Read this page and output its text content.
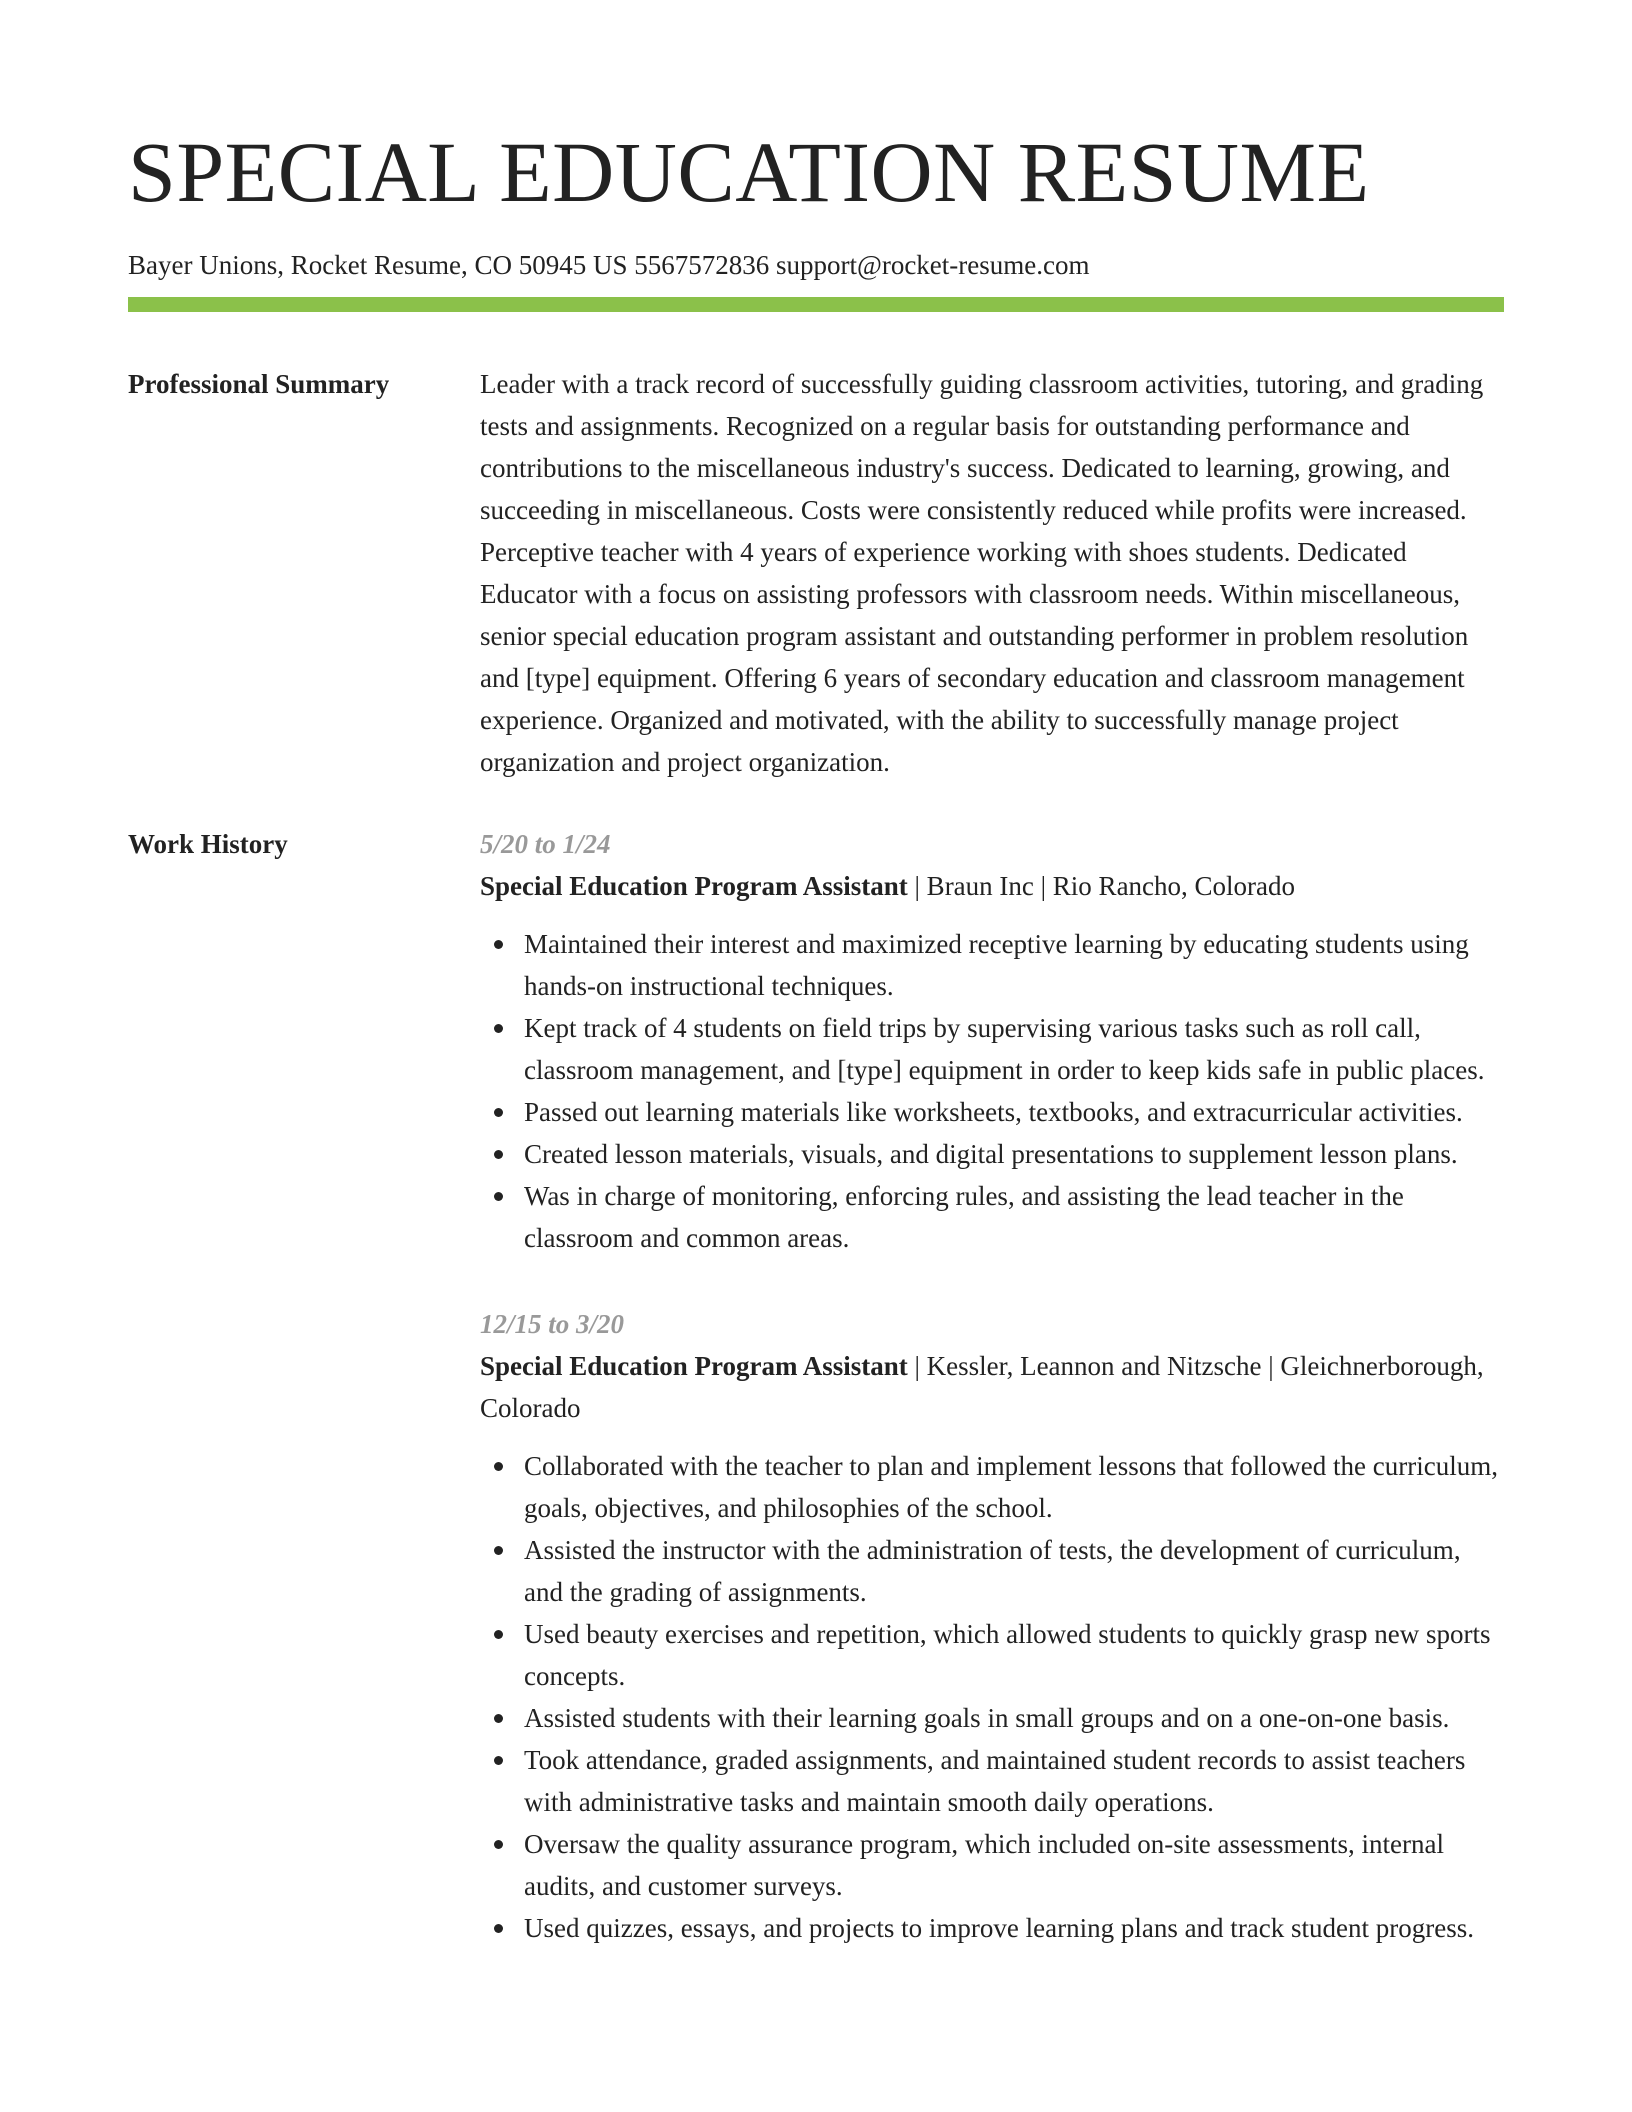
SPECIAL EDUCATION RESUME
Bayer Unions, Rocket Resume, CO 50945 US 5567572836 support@rocket-resume.com
Professional Summary	Leader with a track record of successfully guiding classroom activities, tutoring, and grading tests and assignments. Recognized on a regular basis for outstanding performance and contributions to the miscellaneous industry's success. Dedicated to learning, growing, and succeeding in miscellaneous. Costs were consistently reduced while profits were increased. Perceptive teacher with 4 years of experience working with shoes students. Dedicated Educator with a focus on assisting professors with classroom needs. Within miscellaneous, senior special education program assistant and outstanding performer in problem resolution and [type] equipment. Offering 6 years of secondary education and classroom management experience. Organized and motivated, with the ability to successfully manage project organization and project organization.

Work History	5/20 to 1/24
Special Education Program Assistant | Braun Inc | Rio Rancho, Colorado
Maintained their interest and maximized receptive learning by educating students using hands-on instructional techniques.
Kept track of 4 students on field trips by supervising various tasks such as roll call, classroom management, and [type] equipment in order to keep kids safe in public places.
Passed out learning materials like worksheets, textbooks, and extracurricular activities.
Created lesson materials, visuals, and digital presentations to supplement lesson plans.
Was in charge of monitoring, enforcing rules, and assisting the lead teacher in the classroom and common areas.
12/15 to 3/20
Special Education Program Assistant | Kessler, Leannon and Nitzsche | Gleichnerborough, Colorado
Collaborated with the teacher to plan and implement lessons that followed the curriculum, goals, objectives, and philosophies of the school.
Assisted the instructor with the administration of tests, the development of curriculum, and the grading of assignments.
Used beauty exercises and repetition, which allowed students to quickly grasp new sports concepts.
Assisted students with their learning goals in small groups and on a one-on-one basis.
Took attendance, graded assignments, and maintained student records to assist teachers with administrative tasks and maintain smooth daily operations.
Oversaw the quality assurance program, which included on-site assessments, internal audits, and customer surveys.
Used quizzes, essays, and projects to improve learning plans and track student progress.
